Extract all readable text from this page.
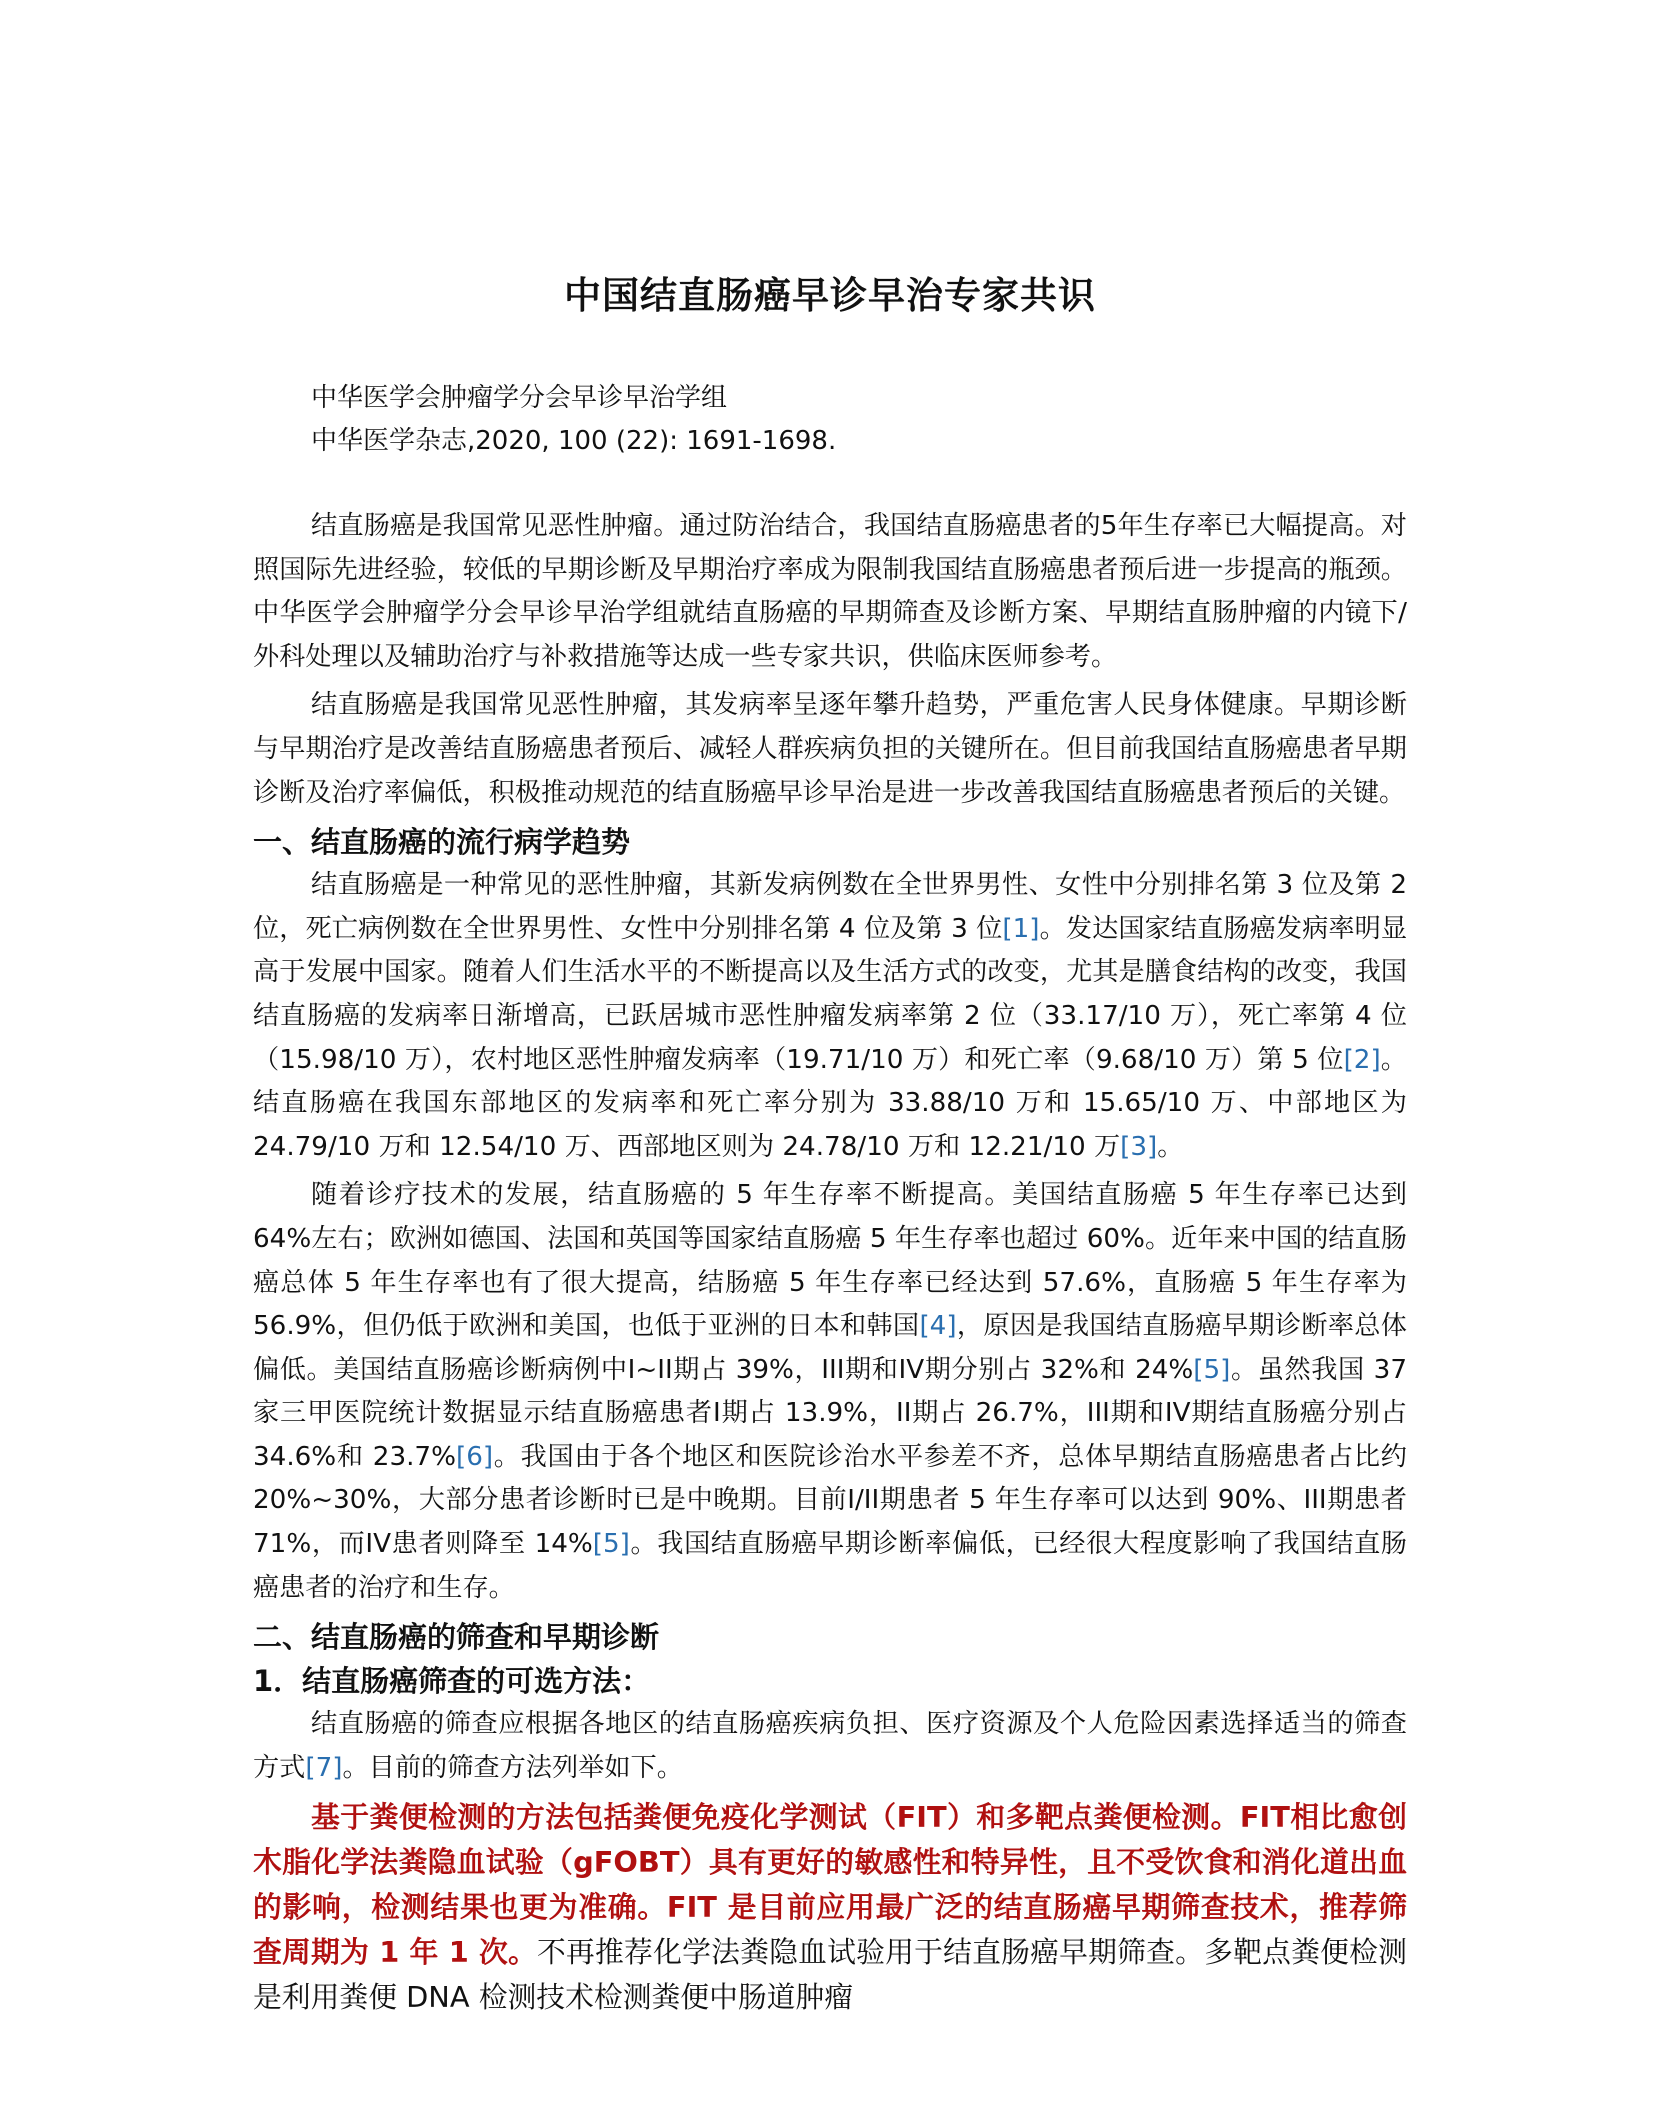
中国结直肠癌早诊早治专家共识
中华医学会肿瘤学分会早诊早治学组
中华医学杂志,2020, 100 (22): 1691-1698.

结直肠癌是我国常见恶性肿瘤。通过防治结合，我国结直肠癌患者的5年生存率已大幅提高。对照国际先进经验，较低的早期诊断及早期治疗率成为限制我国结直肠癌患者预后进一步提高的瓶颈。中华医学会肿瘤学分会早诊早治学组就结直肠癌的早期筛查及诊断方案、早期结直肠肿瘤的内镜下/外科处理以及辅助治疗与补救措施等达成一些专家共识，供临床医师参考。

结直肠癌是我国常见恶性肿瘤，其发病率呈逐年攀升趋势，严重危害人民身体健康。早期诊断与早期治疗是改善结直肠癌患者预后、减轻人群疾病负担的关键所在。但目前我国结直肠癌患者早期诊断及治疗率偏低，积极推动规范的结直肠癌早诊早治是进一步改善我国结直肠癌患者预后的关键。

一、结直肠癌的流行病学趋势

结直肠癌是一种常见的恶性肿瘤，其新发病例数在全世界男性、女性中分别排名第 3 位及第 2 位，死亡病例数在全世界男性、女性中分别排名第 4 位及第 3 位[1]。发达国家结直肠癌发病率明显高于发展中国家。随着人们生活水平的不断提高以及生活方式的改变，尤其是膳食结构的改变，我国结直肠癌的发病率日渐增高，已跃居城市恶性肿瘤发病率第 2 位（33.17/10 万），死亡率第 4 位（15.98/10 万），农村地区恶性肿瘤发病率（19.71/10 万）和死亡率（9.68/10 万）第 5 位[2]。结直肠癌在我国东部地区的发病率和死亡率分别为 33.88/10 万和 15.65/10 万、中部地区为 24.79/10 万和 12.54/10 万、西部地区则为 24.78/10 万和 12.21/10 万[3]。

随着诊疗技术的发展，结直肠癌的 5 年生存率不断提高。美国结直肠癌 5 年生存率已达到 64%左右；欧洲如德国、法国和英国等国家结直肠癌 5 年生存率也超过 60%。近年来中国的结直肠癌总体 5 年生存率也有了很大提高，结肠癌 5 年生存率已经达到 57.6%，直肠癌 5 年生存率为 56.9%，但仍低于欧洲和美国，也低于亚洲的日本和韩国[4]，原因是我国结直肠癌早期诊断率总体偏低。美国结直肠癌诊断病例中I~II期占 39%，III期和IV期分别占 32%和 24%[5]。虽然我国 37 家三甲医院统计数据显示结直肠癌患者I期占 13.9%，II期占 26.7%，III期和IV期结直肠癌分别占 34.6%和 23.7%[6]。我国由于各个地区和医院诊治水平参差不齐，总体早期结直肠癌患者占比约 20%~30%，大部分患者诊断时已是中晚期。目前I/II期患者 5 年生存率可以达到 90%、III期患者 71%，而IV患者则降至 14%[5]。我国结直肠癌早期诊断率偏低，已经很大程度影响了我国结直肠癌患者的治疗和生存。

二、结直肠癌的筛查和早期诊断
1．结直肠癌筛查的可选方法：

结直肠癌的筛查应根据各地区的结直肠癌疾病负担、医疗资源及个人危险因素选择适当的筛查方式[7]。目前的筛查方法列举如下。

基于粪便检测的方法包括粪便免疫化学测试（FIT）和多靶点粪便检测。FIT相比愈创木脂化学法粪隐血试验（gFOBT）具有更好的敏感性和特异性，且不受饮食和消化道出血的影响，检测结果也更为准确。FIT 是目前应用最广泛的结直肠癌早期筛查技术，推荐筛查周期为 1 年 1 次。不再推荐化学法粪隐血试验用于结直肠癌早期筛查。多靶点粪便检测是利用粪便 DNA 检测技术检测粪便中肠道肿瘤
